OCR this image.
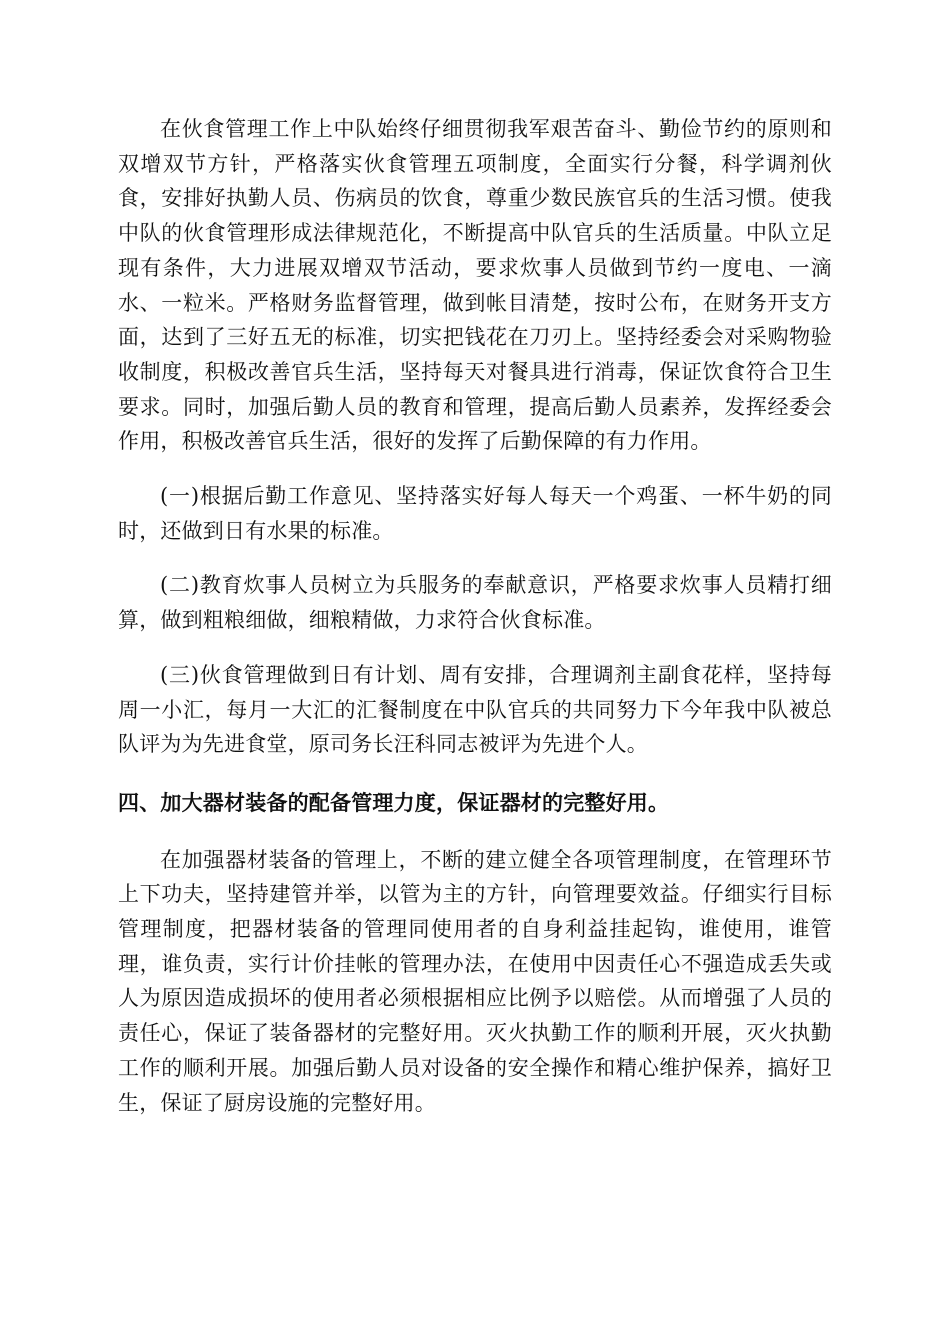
在伙食管理工作上中队始终仔细贯彻我军艰苦奋斗、勤俭节约的原则和双增双节方针，严格落实伙食管理五项制度，全面实行分餐，科学调剂伙食，安排好执勤人员、伤病员的饮食，尊重少数民族官兵的生活习惯。使我中队的伙食管理形成法律规范化，不断提高中队官兵的生活质量。中队立足现有条件，大力进展双增双节活动，要求炊事人员做到节约一度电、一滴水、一粒米。严格财务监督管理，做到帐目清楚，按时公布，在财务开支方面，达到了三好五无的标准，切实把钱花在刀刃上。坚持经委会对采购物验收制度，积极改善官兵生活，坚持每天对餐具进行消毒，保证饮食符合卫生要求。同时，加强后勤人员的教育和管理，提高后勤人员素养，发挥经委会作用，积极改善官兵生活，很好的发挥了后勤保障的有力作用。

(一)根据后勤工作意见、坚持落实好每人每天一个鸡蛋、一杯牛奶的同时，还做到日有水果的标准。

(二)教育炊事人员树立为兵服务的奉献意识，严格要求炊事人员精打细算，做到粗粮细做，细粮精做，力求符合伙食标准。

(三)伙食管理做到日有计划、周有安排，合理调剂主副食花样，坚持每周一小汇，每月一大汇的汇餐制度在中队官兵的共同努力下今年我中队被总队评为为先进食堂，原司务长汪科同志被评为先进个人。

四、加大器材装备的配备管理力度，保证器材的完整好用。

在加强器材装备的管理上，不断的建立健全各项管理制度，在管理环节上下功夫，坚持建管并举，以管为主的方针，向管理要效益。仔细实行目标管理制度，把器材装备的管理同使用者的自身利益挂起钩，谁使用，谁管理，谁负责，实行计价挂帐的管理办法，在使用中因责任心不强造成丢失或人为原因造成损坏的使用者必须根据相应比例予以赔偿。从而增强了人员的责任心，保证了装备器材的完整好用。灭火执勤工作的顺利开展，灭火执勤工作的顺利开展。加强后勤人员对设备的安全操作和精心维护保养，搞好卫生，保证了厨房设施的完整好用。
